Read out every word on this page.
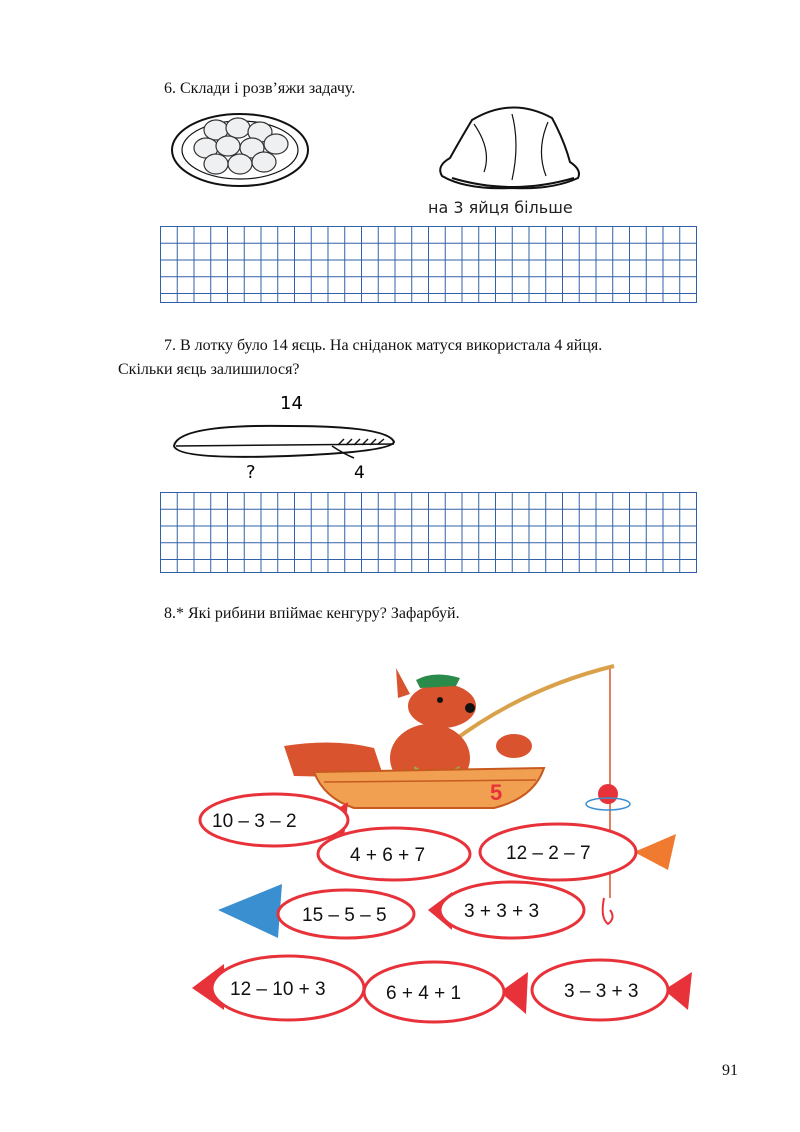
6. Склади і розв’яжи задачу.
на 3 яйця більше
7. В лотку було 14 яєць. На сніданок матуся використала 4 яйця.
Скільки яєць залишилося?
14
?	4
8.* Які рибини впіймає кенгуру? Зафарбуй.
5
10 – 3 – 2
4 + 6 + 7	12 – 2 – 7
15 – 5 – 5	3 + 3 + 3
12 – 10 + 3	6 + 4 + 1	3 – 3 + 3
91
